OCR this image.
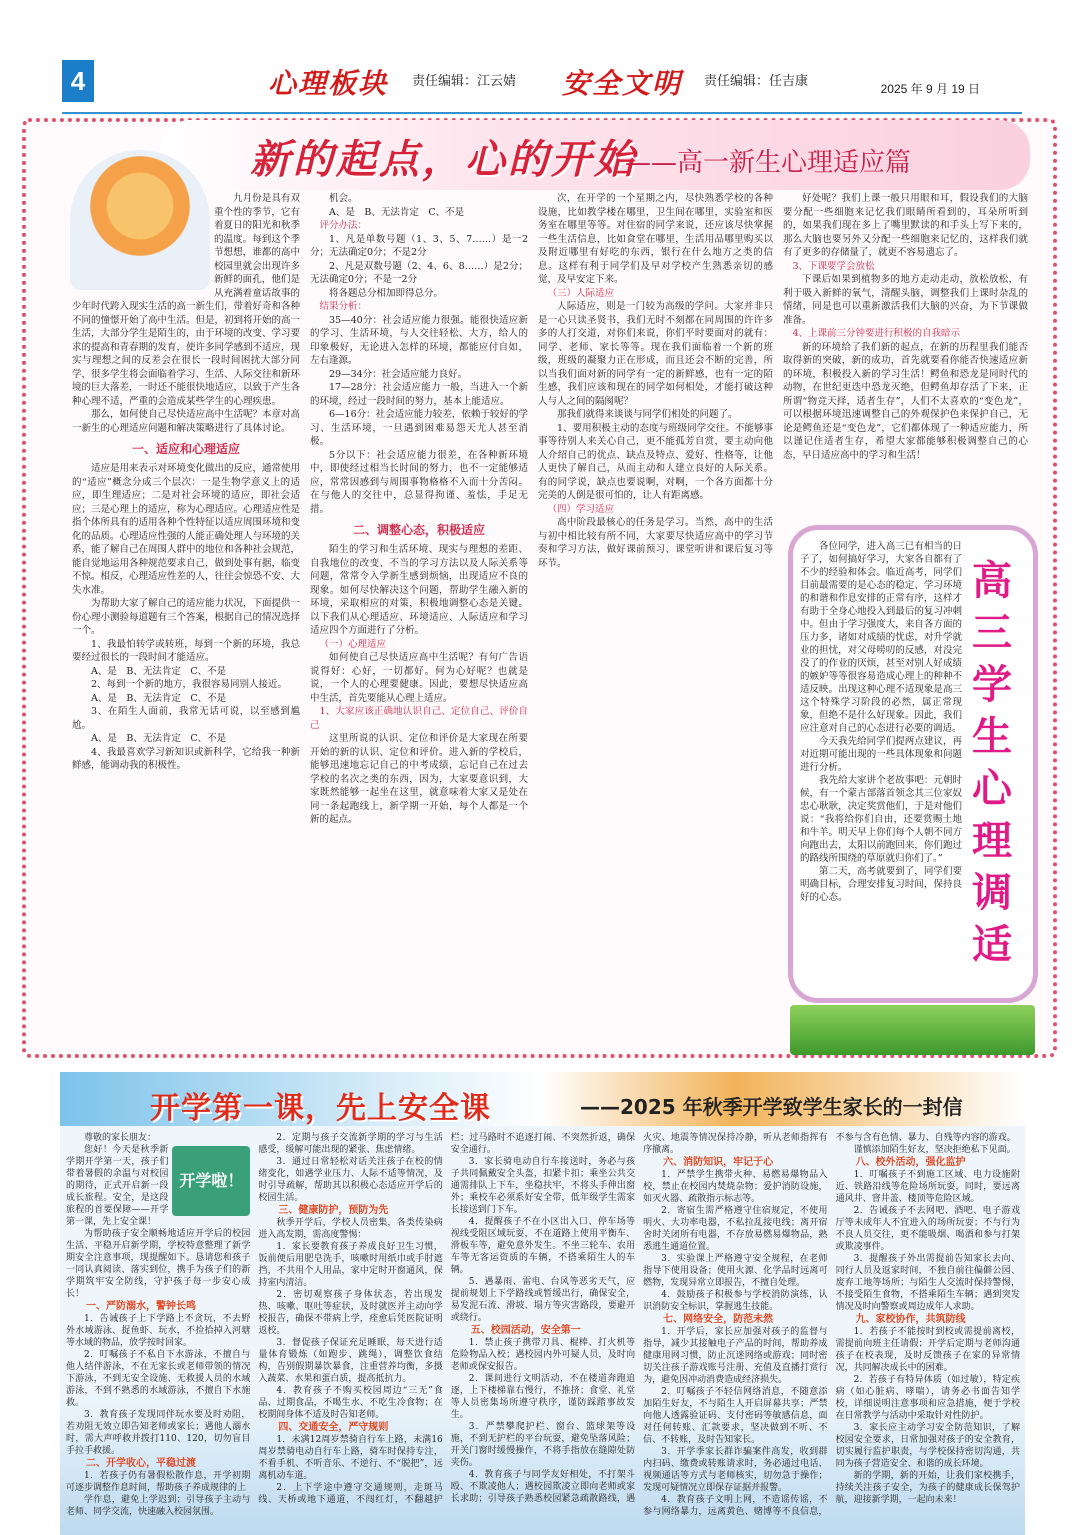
4	心理板块 责任编辑：江云婧 安全文明 责任编辑：任吉康	2025 年 9 月 19 日
新的起点，心的开始
——高一新生心理适应篇

九月份是具有双重个性的季节，它有着夏日的阳光和秋季的温度。每到这个季节想想，谁都的高中校园里就会出现许多新鲜的面孔，他们是从充满着童话故事的少年时代跨入现实生活的高一新生们，带着好奇和各种不同的憧憬开始了高中生活。但是，初到将开始的高一生活，大部分学生是陌生的，由于环境的改变、学习要求的提高和青春期的发育，使许多同学感到不适应，现实与理想之间的反差会在很长一段时间困扰大部分同学，很多学生将会面临着学习、生活、人际交往和新环境的巨大落差，一时还不能很快地适应，以致于产生各种心理不适，严重的会造成某些学生的心理疾患。

那么，如何使自己尽快适应高中生活呢？本章对高一新生的心理适应问题和解决策略进行了具体讨论。

一、适应和心理适应

适应是用来表示对环境变化做出的反应，通常使用的“适应”概念分成三个层次：一是生物学意义上的适应，即生理适应；二是对社会环境的适应，即社会适应；三是心理上的适应，称为心理适应。心理适应性是指个体所具有的适用各种个性特征以适应周围环境和变化的品质。心理适应性强的人能正确处理人与环境的关系，能了解自己在周围人群中的地位和各种社会规范，能自觉地运用各种规范要求自己，做到处事有据，临变不惊。相反，心理适应性差的人，往往会惊恐不安、大失水准。

为帮助大家了解自己的适应能力状况，下面提供一份心理小测验每道题有三个答案，根据自己的情况选择一个。

1、我最怕转学或转班，每到一个新的环境，我总要经过很长的一段时间才能适应。

A、是　B、无法肯定　C、不是

2、每到一个新的地方，我很容易同别人接近。

A、是　B、无法肯定　C、不是

3、在陌生人面前，我常无话可说，以至感到尴尬。

A、是　B、无法肯定　C、不是

4、我最喜欢学习新知识或新科学，它给我一种新鲜感，能调动我的积极性。

机会。

A、是　B、无法肯定　C、不是

评分办法：

1、凡是单数号题（1、3、5、7……）是一2分；无法确定0分；不是2分

2、凡是双数号题（2、4、6、8……）是2分；无法确定0分；不是一2分

将各题总分相加即得总分。

结果分析：

35—40分：社会适应能力很强。能很快适应新的学习、生活环境，与人交往轻松、大方，给人的印象极好，无论进入怎样的环境，都能应付自如，左右逢源。

29—34分：社会适应能力良好。

17—28分：社会适应能力一般，当进入一个新的环境，经过一段时间的努力，基本上能适应。

6—16分：社会适应能力较差，依赖于较好的学习、生活环境，一旦遇到困难易怨天尤人甚至消极。

5分以下：社会适应能力很差，在各种新环境中，即使经过相当长时间的努力，也不一定能够适应，常常因感到与周围事物格格不入而十分苦闷。在与他人的交往中，总显得拘谨、羞怯，手足无措。

二、调整心态，积极适应

陌生的学习和生活环境、现实与理想的差距、自我地位的改变、不当的学习方法以及人际关系等问题，常常令入学新生感到烦恼，出现适应不良的现象。如何尽快解决这个问题，帮助学生融入新的环境，采取相应的对策，积极地调整心态是关键。以下我们从心理适应、环境适应、人际适应和学习适应四个方面进行了分析。

（一）心理适应

如何使自己尽快适应高中生活呢？有句广告语说得好：心好，一切都好。何为心好呢？也就是说，一个人的心理要健康。因此，要想尽快适应高中生活，首先要能从心理上适应。

1、大家应该正确地认识自己、定位自己、评价自己

这里所说的认识、定位和评价是大家现在所要开始的新的认识、定位和评价。进入新的学校后，能够迅速地忘记自己的中考成绩，忘记自己在过去学校的名次之类的东西，因为，大家要意识到，大家既然能够一起坐在这里，就意味着大家又是处在同一条起跑线上，新学期一开始，每个人都是一个新的起点。

次，在开学的一个星期之内，尽快熟悉学校的各种设施，比如教学楼在哪里，卫生间在哪里，实验室和医务室在哪里等等。对住宿的同学来说，还应该尽快掌握一些生活信息，比如食堂在哪里，生活用品哪里购买以及附近哪里有好吃的东西，银行在什么地方之类的信息。这样有利于同学们及早对学校产生熟悉亲切的感觉，及早安定下来。

（三）人际适应

人际适应，则是一门较为高级的学问。大家并非只是一心只读圣贤书，我们无时不刻都在同周围的许许多多的人打交道，对你们来说，你们平时要面对的就有：同学、老师、家长等等。现在我们面临着一个新的班级，班级的凝聚力正在形成，而且还会不断的完善，所以当我们面对新的同学有一定的新鲜感，也有一定的陌生感，我们应该和现在的同学如何相处，才能打破这种人与人之间的隔阂呢？

那我们就得来谈谈与同学们相处的问题了。

1、要用积极主动的态度与班级同学交往。不能够事事等待别人来关心自己，更不能孤芳自赏，要主动向他人介绍自己的优点、缺点及特点、爱好、性格等，让他人更快了解自己，从而主动和人建立良好的人际关系。有的同学说，缺点也要说啊，对啊，一个各方面都十分完美的人倒是很可怕的，让人有距离感。

（四）学习适应

高中阶段最核心的任务是学习。当然，高中的生活与初中相比较有所不同，大家要尽快适应高中的学习节奏和学习方法，做好课前预习、课堂听讲和课后复习等环节。

好处呢？我们上课一般只用眼和耳，假设我们的大脑要分配一些细胞来记忆我们眼睛所看到的，耳朵所听到的，如果我们现在多上了嘴里默读的和手头上写下来的，那么大脑也要另外又分配一些细胞来记忆的，这样我们就有了更多的存储量了，就更不容易遗忘了。

3、下课要学会放松

下课后如果到植物多的地方走动走动，放松放松，有利于吸入新鲜的氧气，清醒头脑，调整我们上课时杂乱的情绪，同是也可以重新激活我们大脑的兴奋，为下节课做准备。

4、上课前三分钟要进行积极的自我暗示

新的环境给了我们新的起点，在新的历程里我们能否取得新的突破，新的成功，首先就要看你能否快速适应新的环境，积极投入新的学习生活！鳄鱼和恐龙是同时代的动物，在世纪更迭中恐龙灭绝，但鳄鱼却存活了下来，正所谓“物竞天择，适者生存”，人们不太喜欢的“变色龙”，可以根据环境迅速调整自己的外观保护色来保护自己，无论是鳄鱼还是“变色龙”，它们都体现了一种适应能力，所以谨记住适者生存，希望大家都能够积极调整自己的心态，早日适应高中的学习和生活！

各位同学，进入高三已有相当的日子了，如何搞好学习，大家各自都有了不少的经验和体会。临近高考，同学们目前最需要的是心态的稳定、学习环境的和谐和作息安排的正常有序，这样才有助于全身心地投入到最后的复习冲刺中。但由于学习强度大，来自各方面的压力多，诸如对成绩的忧虑，对升学就业的担忧，对父母唠叨的反感，对没完没了的作业的厌烦，甚至对别人好成绩的嫉妒等等很容易造成心理上的种种不适反映。出现这种心理不适现象是高三这个特殊学习阶段的必然，属正常现象，但绝不是什么好现象。因此，我们应注意对自己的心态进行必要的调适。

今天我先给同学们提两点建议，再对近期可能出现的一些具体现象和问题进行分析。

我先给大家讲个老故事吧：元朝时候，有一个蒙古部落首领念其三位家奴忠心耿耿，决定奖赏他们，于是对他们说：“我将给你们自由，还要赏赐土地和牛羊。明天早上你们每个人朝不同方向跑出去，太阳以前跑回来，你们跑过的路线所围绕的草原就归你们了。”

第二天，高考就要到了，同学们要明确目标，合理安排复习时间，保持良好的心态。

高三学生心理调适
开学第一课，先上安全课	——2025 年秋季开学致学生家长的一封信

尊敬的家长朋友：

开学啦！

您好！今天是秋季新学期开学第一天，孩子们带着暑假的余温与对校园的期待，正式开启新一段成长旅程。安全，是这段旅程的首要保障——开学第一课，先上安全课！

为帮助孩子安全顺畅地适应开学后的校园生活、平稳开启新学期，学校特意整理了新学期安全注意事项，现提醒如下。恳请您和孩子一同认真阅读、落实到位，携手为孩子们的新学期筑牢安全防线，守护孩子每一步安心成长！

一、严防溺水，警钟长鸣

1．告诫孩子上下学路上不贪玩，不去野外水域游泳、捉鱼虾、玩水，不捡拾掉入河塘等水域的物品，放学按时回家。

2．叮嘱孩子不私自下水游泳，不擅自与他人结伴游泳，不在无家长或老师带领的情况下游泳，不到无安全设施、无救援人员的水域游泳，不到不熟悉的水域游泳，不擅自下水施救。

3．教育孩子发现同伴玩水要及时劝阻，若劝阻无效立即告知老师或家长；遇他人溺水时，需大声呼救并拨打110、120，切勿盲目手拉手救援。

二、开学收心，平稳过渡

1．若孩子仍有暑假松散作息，开学初期可逐步调整作息时间，帮助孩子养成规律的上

学作息，避免上学迟到；引导孩子主动与老师、同学交流，快速融入校园氛围。

2．定期与孩子交流新学期的学习与生活感受，缓解可能出现的紧张、焦虑情绪。

3．通过日常轻松对话关注孩子在校的情绪变化，如遇学业压力、人际不适等情况，及时引导疏解，帮助其以积极心态适应开学后的校园生活。

三、健康防护，预防为先

秋季开学后，学校人员密集，各类传染病进入高发期，需高度警惕：

1．家长要教育孩子养成良好卫生习惯，饭前便后用肥皂洗手，咳嗽时用纸巾或手肘遮挡，不共用个人用品，家中定时开窗通风，保持室内清洁。

2．密切观察孩子身体状态，若出现发热、咳嗽、呕吐等症状，及时就医并主动向学校报告，确保不带病上学，痊愈后凭医院证明返校。

3．督促孩子保证充足睡眠，每天进行适量体育锻炼（如跑步、跳绳），调整饮食结构，告别假期暴饮暴食，注重营养均衡，多摄入蔬菜、水果和蛋白质，提高抵抗力。

4．教育孩子不购买校园周边“三无”食品、过期食品，不喝生水、不吃生冷食物；在校期间身体不适及时告知老师。

四、交通安全，严守规则

1．未满12周岁禁骑自行车上路，未满16周岁禁骑电动自行车上路，骑车时保持专注，不看手机、不听音乐、不逆行、不“脱把”，远离机动车道。

2．上下学途中遵守交通规则，走斑马线、天桥或地下通道，不闯红灯，不翻越护栏；过马路时不追逐打闹、不突然折返，确保安全通行。

3．家长骑电动自行车接送时，务必与孩子共同佩戴安全头盔，扣紧卡扣；乘坐公共交通需排队上下车，坐稳扶牢，不将头手伸出窗外；乘校车必须系好安全带，低年级学生需家长接送到门下车。

4．提醒孩子不在小区出入口、停车场等视线受阻区域玩耍，不在道路上使用平衡车、滑板车等，避免意外发生。不坐三轮车、农用车等无客运资质的车辆，不搭乘陌生人的车辆。

5．遇暴雨、雷电、台风等恶劣天气，应提前规划上下学路线或暂缓出行，确保安全，易发泥石流、滑坡、塌方等灾害路段，要避开或绕行。

五、校园活动，安全第一

1．禁止孩子携带刀具、棍棒、打火机等危险物品入校；遇校园内外可疑人员，及时向老师或保安报告。

2．课间进行文明活动，不在楼道奔跑追逐，上下楼梯靠右慢行，不推挤；食堂、礼堂等人员密集场所遵守秩序，谨防踩踏事故发生。

3．严禁攀爬护栏、窗台、篮球架等设施，不到无护栏的平台玩耍，避免坠落风险；开关门窗时缓慢操作，不将手指放在缝隙处防夹伤。

4．教育孩子与同学友好相处，不打架斗殴、不欺凌他人；遇校园欺凌立即向老师或家长求助；引导孩子熟悉校园紧急疏散路线，遇火灾、地震等情况保持冷静，听从老师指挥有序撤离。

六、消防知识，牢记于心

1．严禁学生携带火种、易燃易爆物品入校，禁止在校园内焚烧杂物；爱护消防设施，如灭火器、疏散指示标志等。

2．寄宿生需严格遵守住宿规定，不使用明火、大功率电器，不私拉乱接电线；离开宿舍时关闭所有电器，不存放易燃易爆物品，熟悉逃生通道位置。

3．实验课上严格遵守安全规程，在老师指导下使用设备；使用火源、化学品时远离可燃物，发现异常立即报告，不擅自处理。

4．鼓励孩子积极参与学校消防演练，认识消防安全标识，掌握逃生技能。

七、网络安全，防范未然

1．开学后，家长应加强对孩子的监督与指导，减少其接触电子产品的时间，帮助养成健康用网习惯，防止沉迷网络或游戏；同时密切关注孩子游戏账号注册、充值及直播打赏行为，避免因冲动消费造成经济损失。

2．叮嘱孩子不轻信网络消息，不随意添加陌生好友，不与陌生人开启屏幕共享；严禁向他人透露验证码、支付密码等敏感信息，面对任何转账、汇款要求，坚决做到不听、不信、不转账，及时告知家长。

3．开学季家长群诈骗案件高发，收到群内扫码、缴费或转账请求时，务必通过电话、视频通话等方式与老师核实，切勿急于操作；发现可疑情况立即保存证据并报警。

4．教育孩子文明上网，不造谣传谣，不参与网络暴力，远离黄色、赌博等不良信息，不参与含有色情、暴力、自残等内容的游戏。

谨慎添加陌生好友，坚决拒绝私下见面。

八、校外活动，强化监护

1．叮嘱孩子不到施工区域、电力设施附近、铁路沿线等危险场所玩耍，同时，要远离通风井、窨井盖、楼顶等危险区域。

2．告诫孩子不去网吧、酒吧、电子游戏厅等未成年人不宜进入的场所玩耍；不与行为不良人员交往，更不能吸烟、喝酒和参与打架或欺凌事件。

3．提醒孩子外出需提前告知家长去向、同行人员及返家时间，不独自前往偏僻公园、废弃工地等场所；与陌生人交流时保持警惕，不接受陌生食物，不搭乘陌生车辆；遇到突发情况及时向警察或周边成年人求助。

九、家校协作，共筑防线

1．若孩子不能按时到校或需提前离校，需提前向班主任请假；开学后定期与老师沟通孩子在校表现，及时反馈孩子在家的异常情况，共同解决成长中的困难。

2．若孩子有特异体质（如过敏），特定疾病（如心脏病、哮喘），请务必书面告知学校，详细说明注意事项和应急措施，便于学校在日常教学与活动中采取针对性防护。

3．家长应主动学习安全防范知识，了解校园安全要求，日常加强对孩子的安全教育，切实履行监护职责，与学校保持密切沟通，共同为孩子营造安全、和谐的成长环境。

新的学期，新的开始，让我们家校携手，持续关注孩子安全，为孩子的健康成长保驾护航，迎接新学期，一起向未来！
